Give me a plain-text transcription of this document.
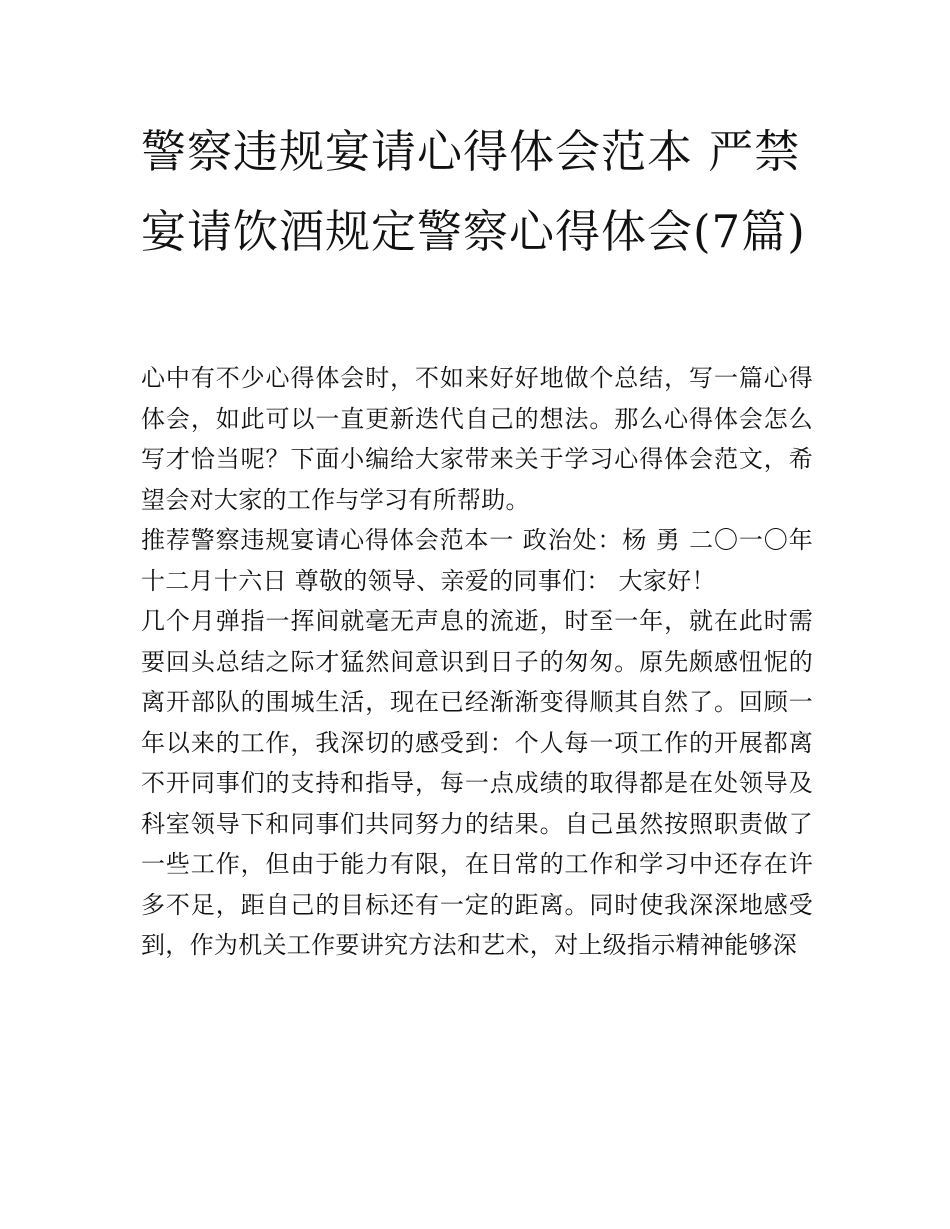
警察违规宴请心得体会范本 严禁宴请饮酒规定警察心得体会(7篇)

心中有不少心得体会时，不如来好好地做个总结，写一篇心得体会，如此可以一直更新迭代自己的想法。那么心得体会怎么写才恰当呢？下面小编给大家带来关于学习心得体会范文，希望会对大家的工作与学习有所帮助。

推荐警察违规宴请心得体会范本一 政治处：杨 勇 二〇一〇年十二月十六日 尊敬的领导、亲爱的同事们： 大家好！

几个月弹指一挥间就毫无声息的流逝，时至一年，就在此时需要回头总结之际才猛然间意识到日子的匆匆。原先颇感忸怩的离开部队的围城生活，现在已经渐渐变得顺其自然了。回顾一年以来的工作，我深切的感受到：个人每一项工作的开展都离不开同事们的支持和指导，每一点成绩的取得都是在处领导及科室领导下和同事们共同努力的结果。自己虽然按照职责做了一些工作，但由于能力有限，在日常的工作和学习中还存在许多不足，距自己的目标还有一定的距离。同时使我深深地感受到，作为机关工作要讲究方法和艺术，对上级指示精神能够深
